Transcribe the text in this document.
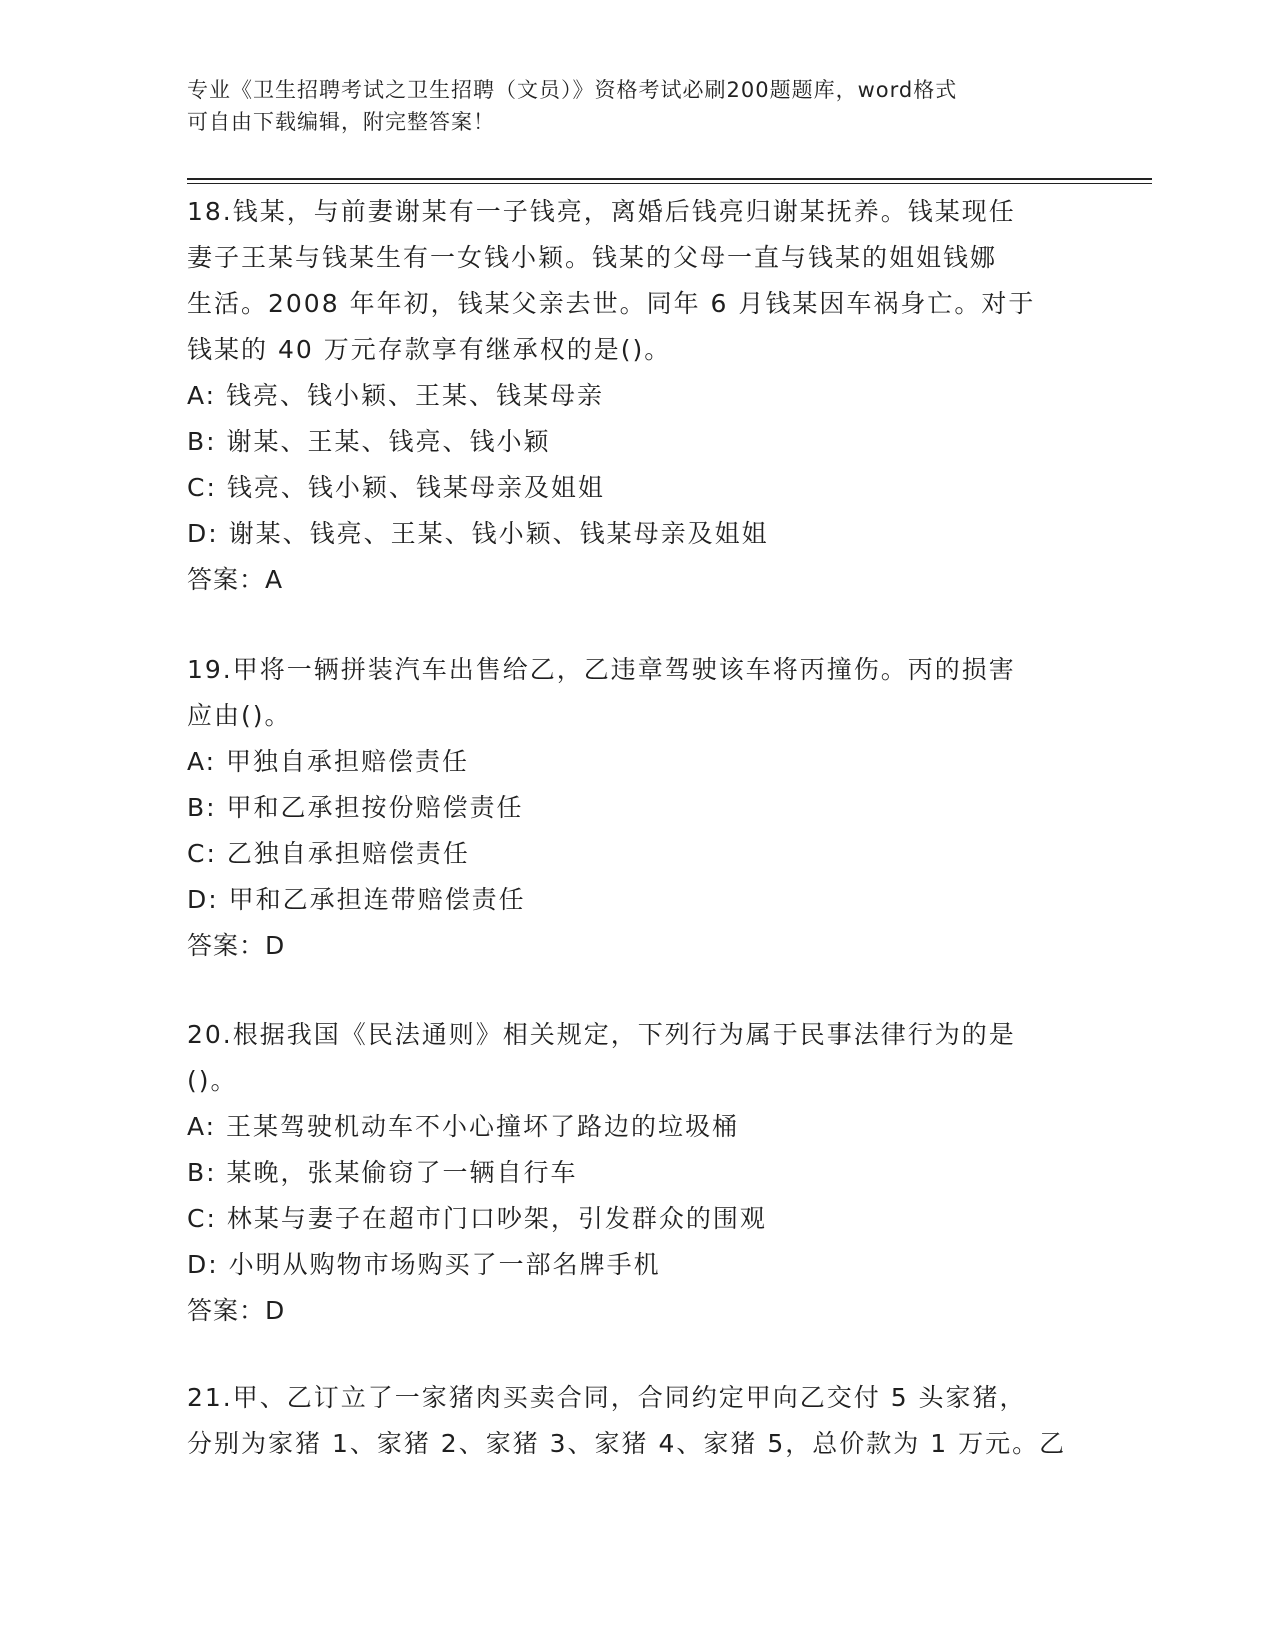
专业《卫生招聘考试之卫生招聘（文员）》资格考试必刷200题题库，word格式
可自由下载编辑，附完整答案！
18.钱某，与前妻谢某有一子钱亮，离婚后钱亮归谢某抚养。钱某现任
妻子王某与钱某生有一女钱小颖。钱某的父母一直与钱某的姐姐钱娜
生活。2008 年年初，钱某父亲去世。同年 6 月钱某因车祸身亡。对于
钱某的 40 万元存款享有继承权的是()。
A: 钱亮、钱小颖、王某、钱某母亲
B: 谢某、王某、钱亮、钱小颖
C: 钱亮、钱小颖、钱某母亲及姐姐
D: 谢某、钱亮、王某、钱小颖、钱某母亲及姐姐
答案：A
19.甲将一辆拼装汽车出售给乙，乙违章驾驶该车将丙撞伤。丙的损害
应由()。
A: 甲独自承担赔偿责任
B: 甲和乙承担按份赔偿责任
C: 乙独自承担赔偿责任
D: 甲和乙承担连带赔偿责任
答案：D
20.根据我国《民法通则》相关规定，下列行为属于民事法律行为的是
()。
A: 王某驾驶机动车不小心撞坏了路边的垃圾桶
B: 某晚，张某偷窃了一辆自行车
C: 林某与妻子在超市门口吵架，引发群众的围观
D: 小明从购物市场购买了一部名牌手机
答案：D
21.甲、乙订立了一家猪肉买卖合同，合同约定甲向乙交付 5 头家猪，
分别为家猪 1、家猪 2、家猪 3、家猪 4、家猪 5，总价款为 1 万元。乙
